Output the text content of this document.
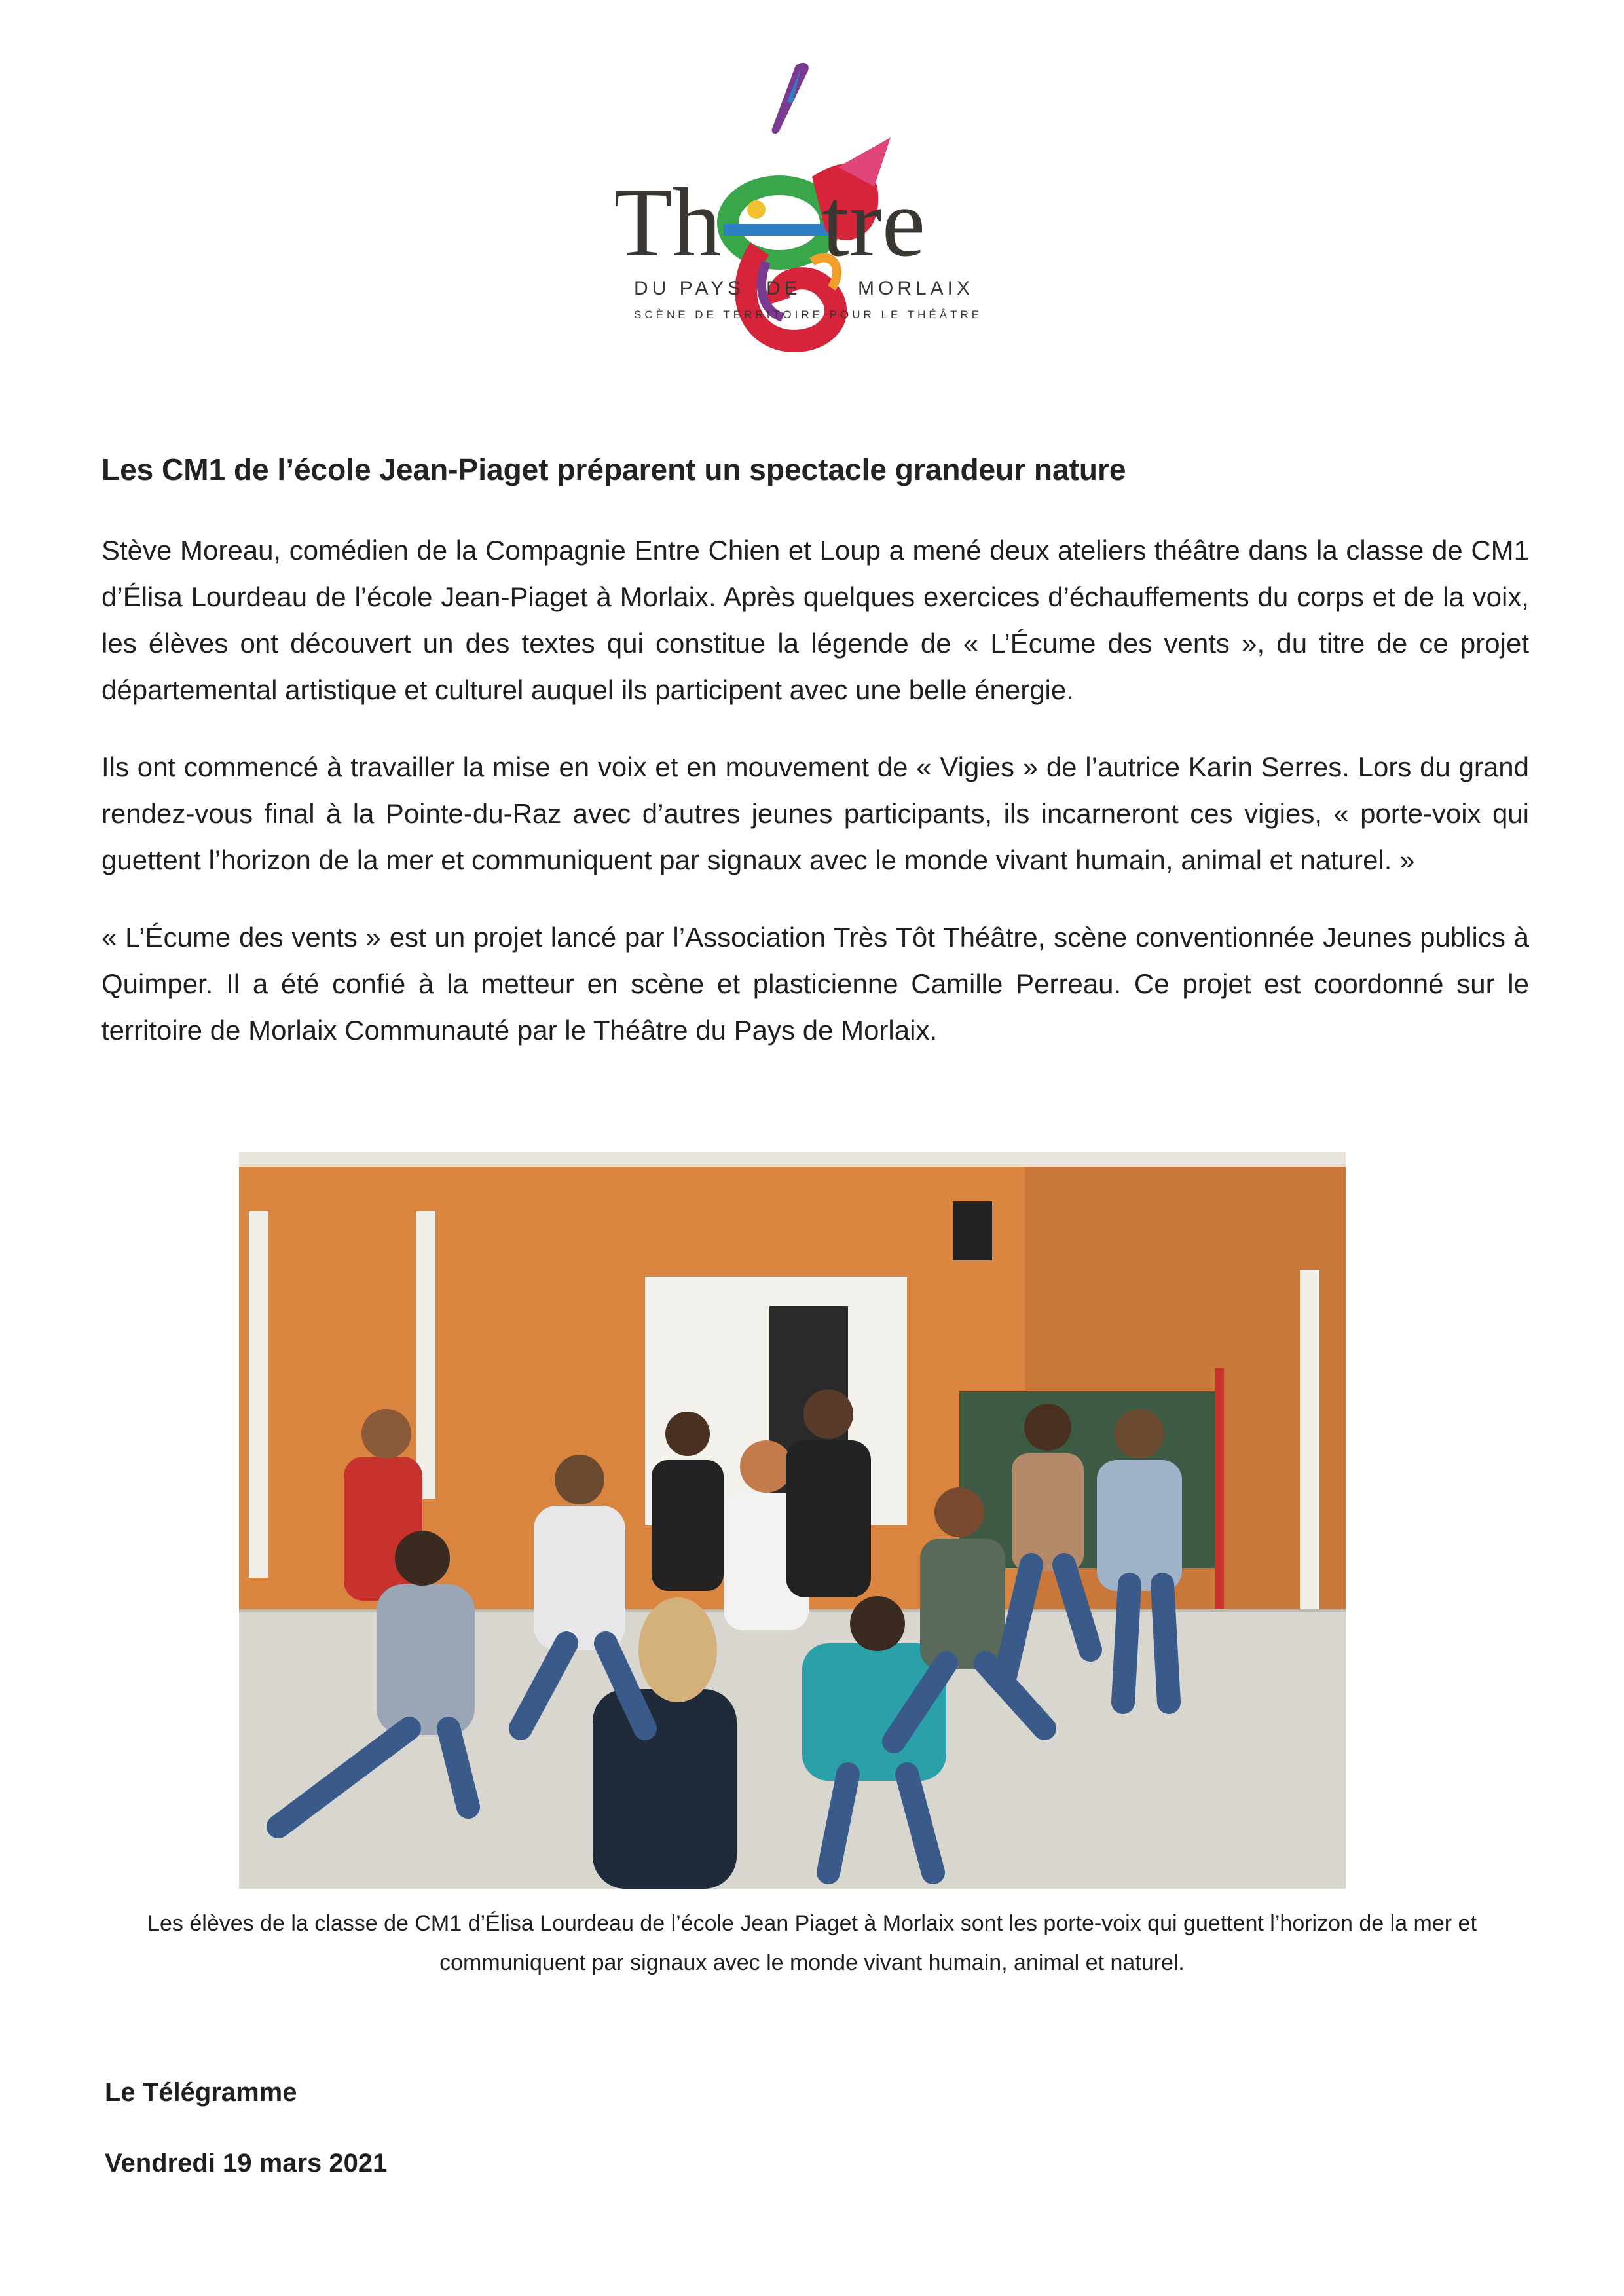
Th tre
DU PAYS DE	MORLAIX
SCÈNE DE TERRITOIRE POUR LE THÉÂTRE
Les CM1 de l’école Jean-Piaget préparent un spectacle grandeur nature

Stève Moreau, comédien de la Compagnie Entre Chien et Loup a mené deux ateliers théâtre dans la classe de CM1 d’Élisa Lourdeau de l’école Jean-Piaget à Morlaix. Après quelques exercices d’échauffements du corps et de la voix, les élèves ont découvert un des textes qui constitue la légende de « L’Écume des vents », du titre de ce projet départemental artistique et culturel auquel ils participent avec une belle énergie.

Ils ont commencé à travailler la mise en voix et en mouvement de « Vigies » de l’autrice Karin Serres. Lors du grand rendez-vous final à la Pointe-du-Raz avec d’autres jeunes participants, ils incarneront ces vigies, « porte-voix qui guettent l’horizon de la mer et communiquent par signaux avec le monde vivant humain, animal et naturel. »

« L’Écume des vents » est un projet lancé par l’Association Très Tôt Théâtre, scène conventionnée Jeunes publics à Quimper. Il a été confié à la metteur en scène et plasticienne Camille Perreau. Ce projet est coordonné sur le territoire de Morlaix Communauté par le Théâtre du Pays de Morlaix.

Les élèves de la classe de CM1 d’Élisa Lourdeau de l’école Jean Piaget à Morlaix sont les porte-voix qui guettent l’horizon de la mer et communiquent par signaux avec le monde vivant humain, animal et naturel.

Le Télégramme

Vendredi 19 mars 2021
